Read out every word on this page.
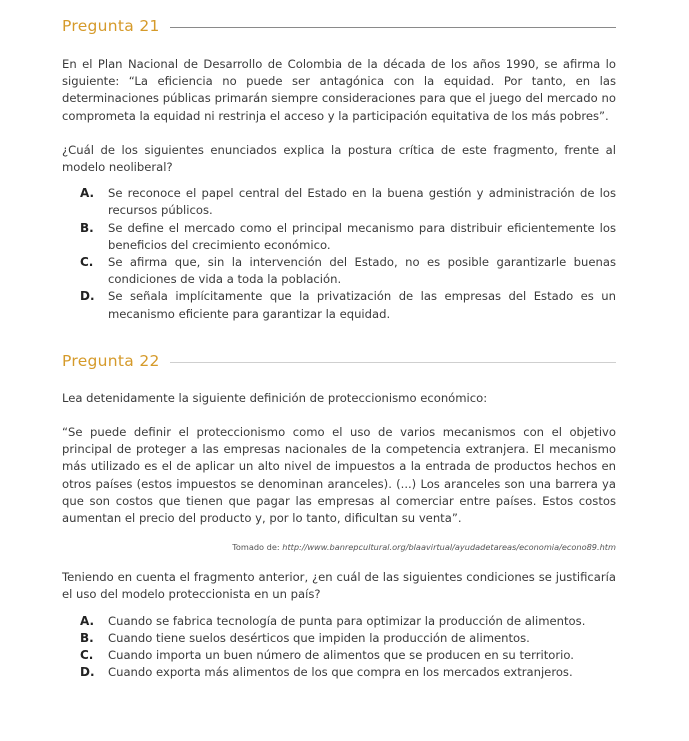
Pregunta 21

En el Plan Nacional de Desarrollo de Colombia de la década de los años 1990, se afirma lo siguiente: “La eficiencia no puede ser antagónica con la equidad. Por tanto, en las determinaciones públicas primarán siempre consideraciones para que el juego del mercado no comprometa la equidad ni restrinja el acceso y la participación equitativa de los más pobres”.

¿Cuál de los siguientes enunciados explica la postura crítica de este fragmento, frente al modelo neoliberal?

A. Se reconoce el papel central del Estado en la buena gestión y administración de los recursos públicos.
B. Se define el mercado como el principal mecanismo para distribuir eficientemente los beneficios del crecimiento económico.
C. Se afirma que, sin la intervención del Estado, no es posible garantizarle buenas condiciones de vida a toda la población.
D. Se señala implícitamente que la privatización de las empresas del Estado es un mecanismo eficiente para garantizar la equidad.
Pregunta 22

Lea detenidamente la siguiente definición de proteccionismo económico:

“Se puede definir el proteccionismo como el uso de varios mecanismos con el objetivo principal de proteger a las empresas nacionales de la competencia extranjera. El mecanismo más utilizado es el de aplicar un alto nivel de impuestos a la entrada de productos hechos en otros países (estos impuestos se denominan aranceles). (...) Los aranceles son una barrera ya que son costos que tienen que pagar las empresas al comerciar entre países. Estos costos aumentan el precio del producto y, por lo tanto, dificultan su venta”.

Tomado de: http://www.banrepcultural.org/blaavirtual/ayudadetareas/economia/econo89.htm

Teniendo en cuenta el fragmento anterior, ¿en cuál de las siguientes condiciones se justificaría el uso del modelo proteccionista en un país?

A. Cuando se fabrica tecnología de punta para optimizar la producción de alimentos.
B. Cuando tiene suelos desérticos que impiden la producción de alimentos.
C. Cuando importa un buen número de alimentos que se producen en su territorio.
D. Cuando exporta más alimentos de los que compra en los mercados extranjeros.
